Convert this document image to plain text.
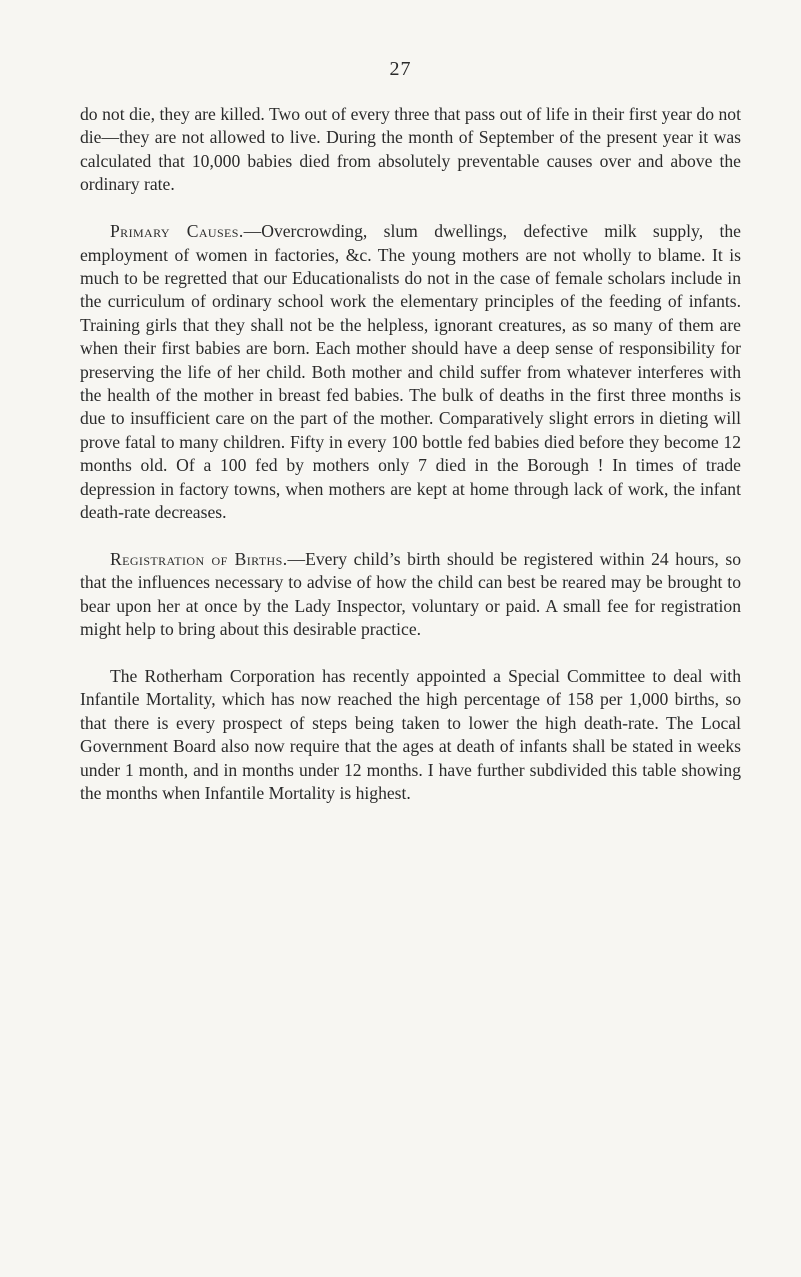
27

do not die, they are killed. Two out of every three that pass out of life in their first year do not die—they are not allowed to live. During the month of September of the present year it was calculated that 10,000 babies died from absolutely preventable causes over and above the ordinary rate.

Primary Causes.—Overcrowding, slum dwellings, defective milk supply, the employment of women in factories, &c. The young mothers are not wholly to blame. It is much to be regretted that our Educationalists do not in the case of female scholars include in the curriculum of ordinary school work the elementary principles of the feeding of infants. Training girls that they shall not be the helpless, ignorant creatures, as so many of them are when their first babies are born. Each mother should have a deep sense of responsibility for preserving the life of her child. Both mother and child suffer from whatever interferes with the health of the mother in breast fed babies. The bulk of deaths in the first three months is due to insufficient care on the part of the mother. Comparatively slight errors in dieting will prove fatal to many children. Fifty in every 100 bottle fed babies died before they become 12 months old. Of a 100 fed by mothers only 7 died in the Borough ! In times of trade depression in factory towns, when mothers are kept at home through lack of work, the infant death-rate decreases.

Registration of Births.—Every child’s birth should be registered within 24 hours, so that the influences necessary to advise of how the child can best be reared may be brought to bear upon her at once by the Lady Inspector, voluntary or paid. A small fee for registration might help to bring about this desirable practice.

The Rotherham Corporation has recently appointed a Special Committee to deal with Infantile Mortality, which has now reached the high percentage of 158 per 1,000 births, so that there is every prospect of steps being taken to lower the high death-rate. The Local Government Board also now require that the ages at death of infants shall be stated in weeks under 1 month, and in months under 12 months. I have further subdivided this table showing the months when Infantile Mortality is highest.
